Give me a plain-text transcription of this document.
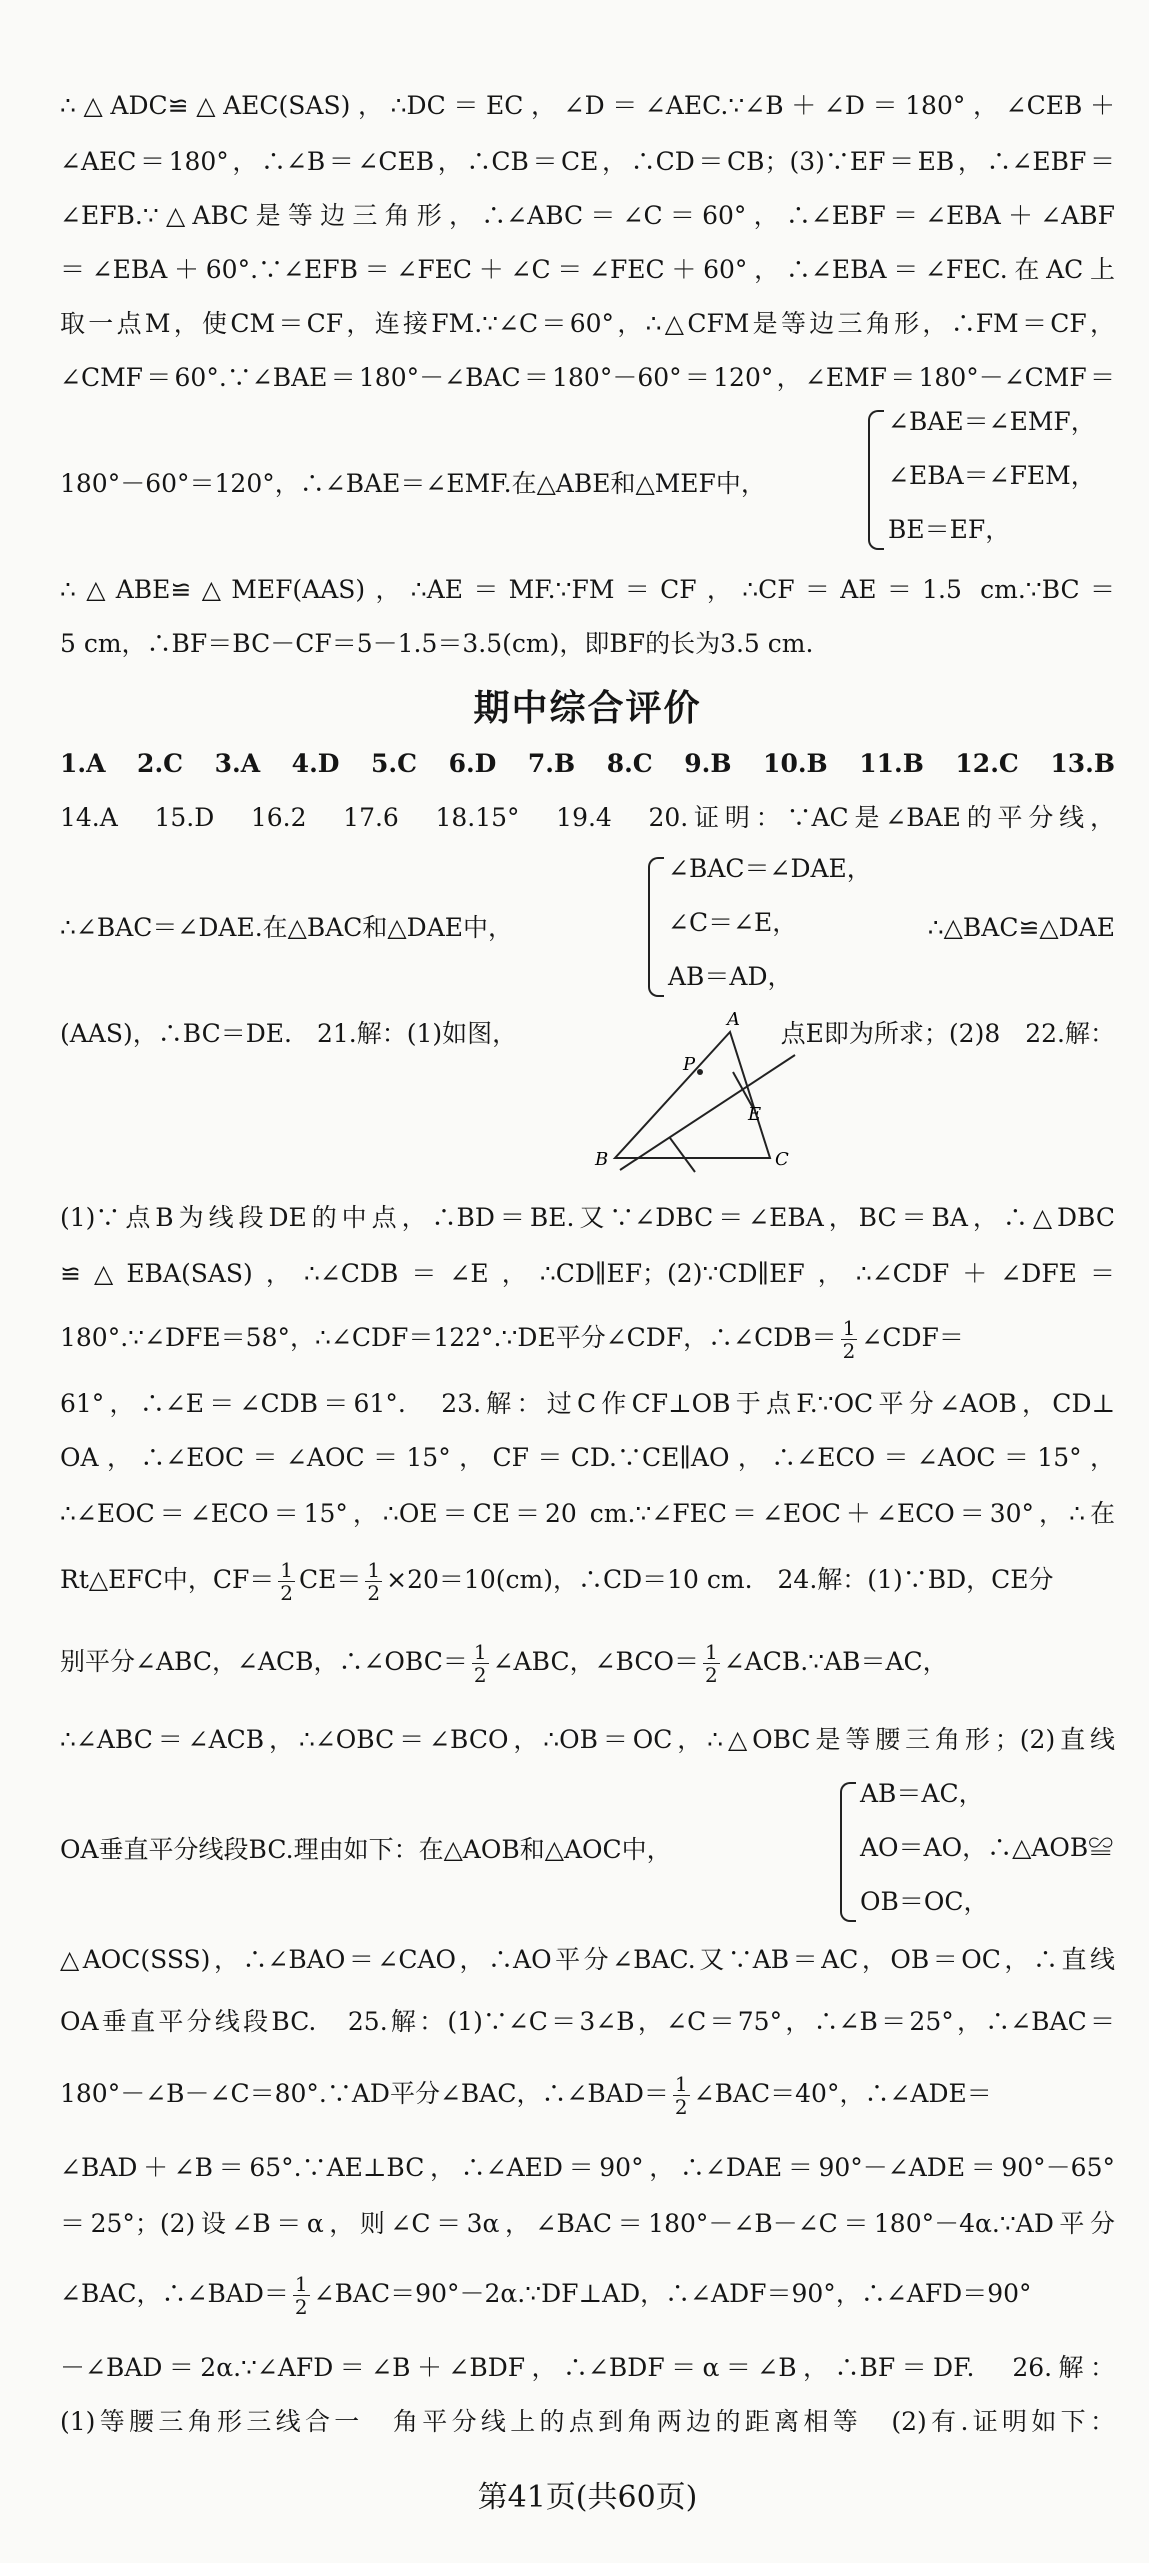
∴△ADC≌△AEC(SAS)，∴DC＝EC，∠D＝∠AEC.∵∠B＋∠D＝180°，∠CEB＋
∠AEC＝180°，∴∠B＝∠CEB，∴CB＝CE，∴CD＝CB；(3)∵EF＝EB，∴∠EBF＝
∠EFB.∵△ABC是等边三角形，∴∠ABC＝∠C＝60°，∴∠EBF＝∠EBA＋∠ABF
＝∠EBA＋60°.∵∠EFB＝∠FEC＋∠C＝∠FEC＋60°，∴∠EBA＝∠FEC.在AC上
取一点M，使CM＝CF，连接FM.∵∠C＝60°，∴△CFM是等边三角形，∴FM＝CF，
∠CMF＝60°.∵∠BAE＝180°－∠BAC＝180°－60°＝120°，∠EMF＝180°－∠CMF＝
180°－60°＝120°，∴∠BAE＝∠EMF.在△ABE和△MEF中，
∠BAE＝∠EMF，
∠EBA＝∠FEM，
BE＝EF，
∴△ABE≌△MEF(AAS)，∴AE＝MF.∵FM＝CF，∴CF＝AE＝1.5 cm.∵BC＝
5 cm，∴BF＝BC－CF＝5－1.5＝3.5(cm)，即BF的长为3.5 cm.
期中综合评价
1.A　2.C　3.A　4.D　5.C　6.D　7.B　8.C　9.B　10.B　11.B　12.C　13.B
14.A　15.D　16.2　17.6　18.15°　19.4　20.证明：∵AC是∠BAE的平分线，
∴∠BAC＝∠DAE.在△BAC和△DAE中，
∠BAC＝∠DAE，
∠C＝∠E，
AB＝AD，
∴△BAC≌△DAE
(AAS)，∴BC＝DE.　21.解：(1)如图，	点E即为所求；(2)8　22.解：
A
B	C
E
P
(1)∵点B为线段DE的中点，∴BD＝BE.又∵∠DBC＝∠EBA，BC＝BA，∴△DBC
≌△EBA(SAS)，∴∠CDB＝∠E，∴CD∥EF；(2)∵CD∥EF，∴∠CDF＋∠DFE＝
180°.∵∠DFE＝58°，∴∠CDF＝122°.∵DE平分∠CDF，∴∠CDB＝ $\frac{1}{2}$ ∠CDF＝
61°，∴∠E＝∠CDB＝61°.　23.解：过C作CF⊥OB于点F.∵OC平分∠AOB，CD⊥
OA，∴∠EOC＝∠AOC＝15°，CF＝CD.∵CE∥AO，∴∠ECO＝∠AOC＝15°，
∴∠EOC＝∠ECO＝15°，∴OE＝CE＝20 cm.∵∠FEC＝∠EOC＋∠ECO＝30°，∴在
Rt△EFC中，$CF= \frac{1}{2} CE= \frac{1}{2} \times 20=10(cm)$，∴CD＝10 cm.　24.解：(1)∵BD，CE分
别平分∠ABC，∠ACB，∴∠OBC＝ $\frac{1}{2}$ ∠ABC，∠BCO＝ $\frac{1}{2}$ ∠ACB.∵AB＝AC，
∴∠ABC＝∠ACB，∴∠OBC＝∠BCO，∴OB＝OC，∴△OBC是等腰三角形；(2)直线
OA垂直平分线段BC.理由如下：在△AOB和△AOC中，
AB＝AC，
AO＝AO，∴△AOB≌
OB＝OC，
△AOC(SSS)，∴∠BAO＝∠CAO，∴AO平分∠BAC.又∵AB＝AC，OB＝OC，∴直线
OA垂直平分线段BC.　25.解：(1)∵∠C＝3∠B，∠C＝75°，∴∠B＝25°，∴∠BAC＝
180°－∠B－∠C＝80°.∵AD平分∠BAC，∴∠BAD＝ $\frac{1}{2}$ ∠BAC＝40°，∴∠ADE＝
∠BAD＋∠B＝65°.∵AE⊥BC，∴∠AED＝90°，∴∠DAE＝90°－∠ADE＝90°－65°
＝25°；(2)设∠B＝α，则∠C＝3α，∠BAC＝180°－∠B－∠C＝180°－4α.∵AD平分
∠BAC，∴∠BAD＝ $\frac{1}{2}$ ∠BAC＝90°－2α.∵DF⊥AD，∴∠ADF＝90°，∴∠AFD＝90°
－∠BAD＝2α.∵∠AFD＝∠B＋∠BDF，∴∠BDF＝α＝∠B，∴BF＝DF.　26.解：
(1)等腰三角形三线合一　角平分线上的点到角两边的距离相等　(2)有.证明如下：
第41页(共60页)
